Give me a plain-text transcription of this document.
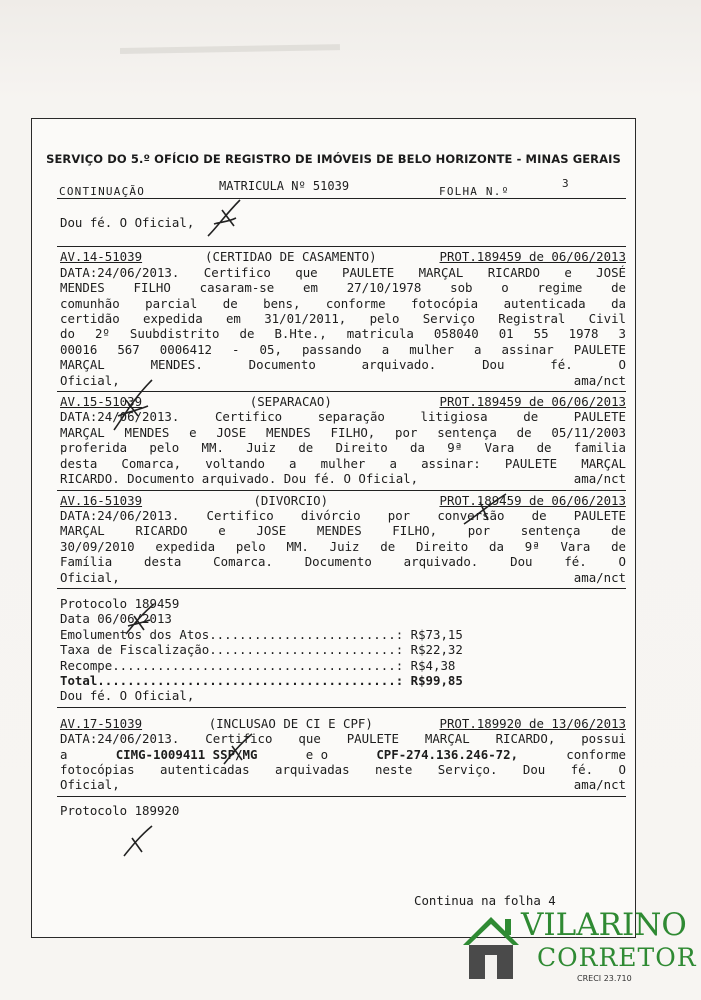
SERVIÇO DO 5.º OFÍCIO DE REGISTRO DE IMÓVEIS DE BELO HORIZONTE - MINAS GERAIS
CONTINUAÇÃO	MATRICULA Nº 51039	FOLHA N.º
3
Dou fé. O Oficial,
AV.14-51039	(CERTIDAO DE CASAMENTO)	PROT.189459 de 06/06/2013
DATA:24/06/2013. Certifico que PAULETE MARÇAL RICARDO e JOSÉ
MENDES FILHO casaram-se em 27/10/1978 sob o regime de
comunhão parcial de bens, conforme fotocópia autenticada da
certidão expedida em 31/01/2011, pelo Serviço Registral Civil
do 2º Suubdistrito de B.Hte., matricula 058040 01 55 1978 3
00016 567 0006412 - 05, passando a mulher a assinar PAULETE
MARÇAL MENDES. Documento arquivado. Dou fé. O
Oficial,	ama/nct
AV.15-51039	(SEPARACAO)	PROT.189459 de 06/06/2013
DATA:24/06/2013. Certifico separação litigiosa de PAULETE
MARÇAL MENDES e JOSE MENDES FILHO, por sentença de 05/11/2003
proferida pelo MM. Juiz de Direito da 9ª Vara de familia
desta Comarca, voltando a mulher a assinar: PAULETE MARÇAL
RICARDO. Documento arquivado. Dou fé. O Oficial,	ama/nct
AV.16-51039	(DIVORCIO)	PROT.189459 de 06/06/2013
DATA:24/06/2013. Certifico divórcio por conversão de PAULETE
MARÇAL RICARDO e JOSE MENDES FILHO, por sentença de
30/09/2010 expedida pelo MM. Juiz de Direito da 9ª Vara de
Família desta Comarca. Documento arquivado. Dou fé. O
Oficial,	ama/nct
Protocolo 189459
Data 06/06/2013
Emolumentos dos Atos.........................: R$73,15
Taxa de Fiscalização.........................: R$22,32
Recompe......................................: R$4,38
Total........................................: R$99,85
Dou fé. O Oficial,
AV.17-51039	(INCLUSAO DE CI E CPF)	PROT.189920 de 13/06/2013
DATA:24/06/2013. Certifico que PAULETE MARÇAL RICARDO, possui
a	CIMG-1009411 SSP/MG	e o	CPF-274.136.246-72,	conforme
fotocópias autenticadas arquivadas neste Serviço. Dou fé. O
Oficial,	ama/nct
Protocolo 189920
Continua na folha 4
VILARINO
CORRETOR
CRECI 23.710
